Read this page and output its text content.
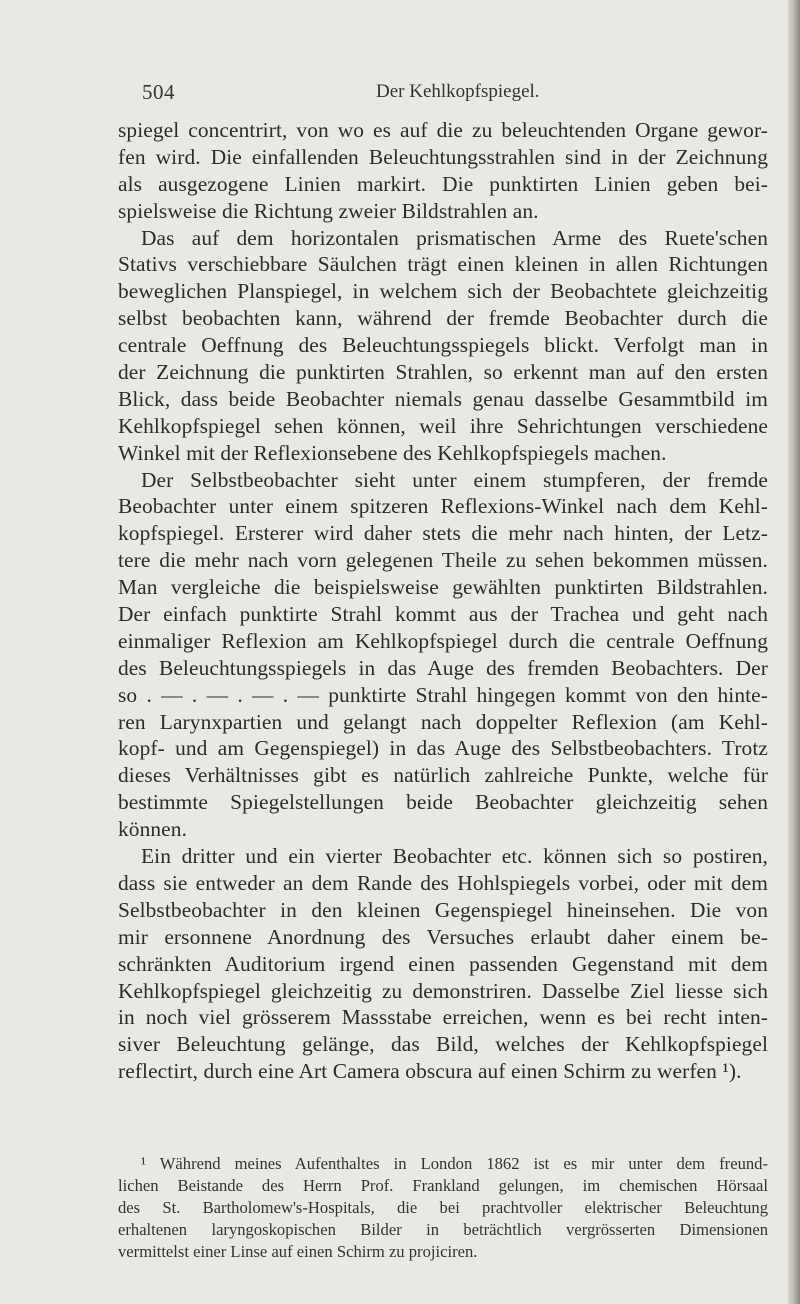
504	Der Kehlkopfspiegel.
spiegel concentrirt, von wo es auf die zu beleuchtenden Organe gewor-
fen wird. Die einfallenden Beleuchtungsstrahlen sind in der Zeichnung
als ausgezogene Linien markirt. Die punktirten Linien geben bei-
spielsweise die Richtung zweier Bildstrahlen an.
Das auf dem horizontalen prismatischen Arme des Ruete'schen
Stativs verschiebbare Säulchen trägt einen kleinen in allen Richtungen
beweglichen Planspiegel, in welchem sich der Beobachtete gleichzeitig
selbst beobachten kann, während der fremde Beobachter durch die
centrale Oeffnung des Beleuchtungsspiegels blickt. Verfolgt man in
der Zeichnung die punktirten Strahlen, so erkennt man auf den ersten
Blick, dass beide Beobachter niemals genau dasselbe Gesammtbild im
Kehlkopfspiegel sehen können, weil ihre Sehrichtungen verschiedene
Winkel mit der Reflexionsebene des Kehlkopfspiegels machen.
Der Selbstbeobachter sieht unter einem stumpferen, der fremde
Beobachter unter einem spitzeren Reflexions-Winkel nach dem Kehl-
kopfspiegel. Ersterer wird daher stets die mehr nach hinten, der Letz-
tere die mehr nach vorn gelegenen Theile zu sehen bekommen müssen.
Man vergleiche die beispielsweise gewählten punktirten Bildstrahlen.
Der einfach punktirte Strahl kommt aus der Trachea und geht nach
einmaliger Reflexion am Kehlkopfspiegel durch die centrale Oeffnung
des Beleuchtungsspiegels in das Auge des fremden Beobachters. Der
so . — . — . — . — punktirte Strahl hingegen kommt von den hinte-
ren Larynxpartien und gelangt nach doppelter Reflexion (am Kehl-
kopf- und am Gegenspiegel) in das Auge des Selbstbeobachters. Trotz
dieses Verhältnisses gibt es natürlich zahlreiche Punkte, welche für
bestimmte Spiegelstellungen beide Beobachter gleichzeitig sehen
können.
Ein dritter und ein vierter Beobachter etc. können sich so postiren,
dass sie entweder an dem Rande des Hohlspiegels vorbei, oder mit dem
Selbstbeobachter in den kleinen Gegenspiegel hineinsehen. Die von
mir ersonnene Anordnung des Versuches erlaubt daher einem be-
schränkten Auditorium irgend einen passenden Gegenstand mit dem
Kehlkopfspiegel gleichzeitig zu demonstriren. Dasselbe Ziel liesse sich
in noch viel grösserem Massstabe erreichen, wenn es bei recht inten-
siver Beleuchtung gelänge, das Bild, welches der Kehlkopfspiegel
reflectirt, durch eine Art Camera obscura auf einen Schirm zu werfen ¹).
¹ Während meines Aufenthaltes in London 1862 ist es mir unter dem freund-
lichen Beistande des Herrn Prof. Frankland gelungen, im chemischen Hörsaal
des St. Bartholomew's-Hospitals, die bei prachtvoller elektrischer Beleuchtung
erhaltenen laryngoskopischen Bilder in beträchtlich vergrösserten Dimensionen
vermittelst einer Linse auf einen Schirm zu projiciren.
